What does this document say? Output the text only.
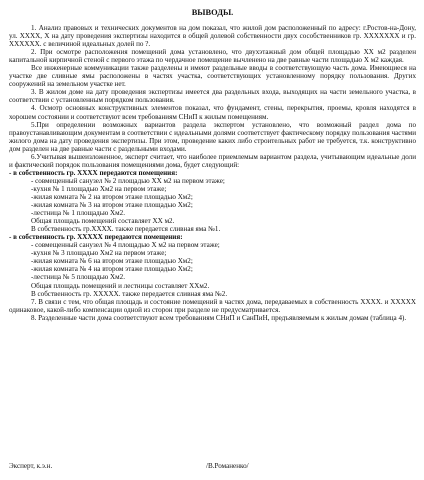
ВЫВОДЫ.

1. Анализ правовых и технических документов на дом показал, что жилой дом расположенный по адресу: г.Ростов-на-Дону, ул. ХХХХ, Х на дату проведения экспертизы находится в общей долевой собственности двух сособственников гр. ХХХХХХХ и гр. ХХХХХХ. с величиной идеальных долей по ?.

2. При осмотре расположения помещений дома установлено, что двухэтажный дом общей площадью ХХ м2 разделен капитальной кирпичной стеной с первого этажа по чердачное помещение вычленено на две равные части площадью Х м2 каждая.

Все инженерные коммуникации также разделены и имеют раздельные вводы в соответствующую часть дома. Имеющиеся на участке две сливные ямы расположены в частях участка, соответствующих установленному порядку пользования. Других сооружений на земельном участке нет.

3. В жилом доме на дату проведения экспертизы имеется два раздельных входа, выходящих на части земельного участка, в соответствии с установленным порядком пользования.

4. Осмотр основных конструктивных элементов показал, что фундамент, стены, перекрытия, проемы, кровля находятся в хорошем состоянии и соответствуют всем требованиям СНиП к жилым помещениям.

5.При определении возможных вариантов раздела экспертом установлено, что возможный раздел дома по правоустанавливающим документам в соответствии с идеальными долями соответствует фактическому порядку пользования частями жилого дома на дату проведения экспертизы. При этом, проведение каких либо строительных работ не требуется, т.к. конструктивно дом разделен на две равные части с раздельными входами.

6.Учитывая вышеизложенное, эксперт считает, что наиболее приемлемым вариантом раздела, учитывающим идеальные доли и фактический порядок пользования помещениями дома, будет следующий:

- в собственность гр. ХХХХ передаются помещения:

- совмещенный санузел № 2 площадью ХХ м2 на первом этаже;

-кухня № 1 площадью Хм2 на первом этаже;

-жилая комната № 2 на втором этаже площадью Хм2;

-жилая комната № 3 на втором этаже площадью Хм2;

-лестница № 1 площадью Хм2.

Общая площадь помещений составляет ХХ м2.

В собственность гр.ХХХХ. также передается сливная яма №1.

- в собственность гр. ХХХХХ передаются помещения:

- совмещенный санузел № 4 площадью Х м2 на первом этаже;

-кухня № 3 площадью Хм2 на первом этаже;

-жилая комната № 6 на втором этаже площадью Хм2;

-жилая комната № 4 на втором этаже площадью Хм2;

-лестница № 5 площадью Хм2.

Общая площадь помещений и лестницы составляет ХХм2.

В собственность гр. ХХХХХ. также передается сливная яма №2.

7. В связи с тем, что общая площадь и состояние помещений в частях дома, передаваемых в собственность ХХХХ. и ХХХХХ одинаковое, какой-либо компенсации одной из сторон при разделе не предусматривается.

8. Разделенные части дома соответствуют всем требованиям СНиП и СанПиН, предъявляемым к жилым домам (таблица 4).

Эксперт, к.э.н.	/В.Романенко/
